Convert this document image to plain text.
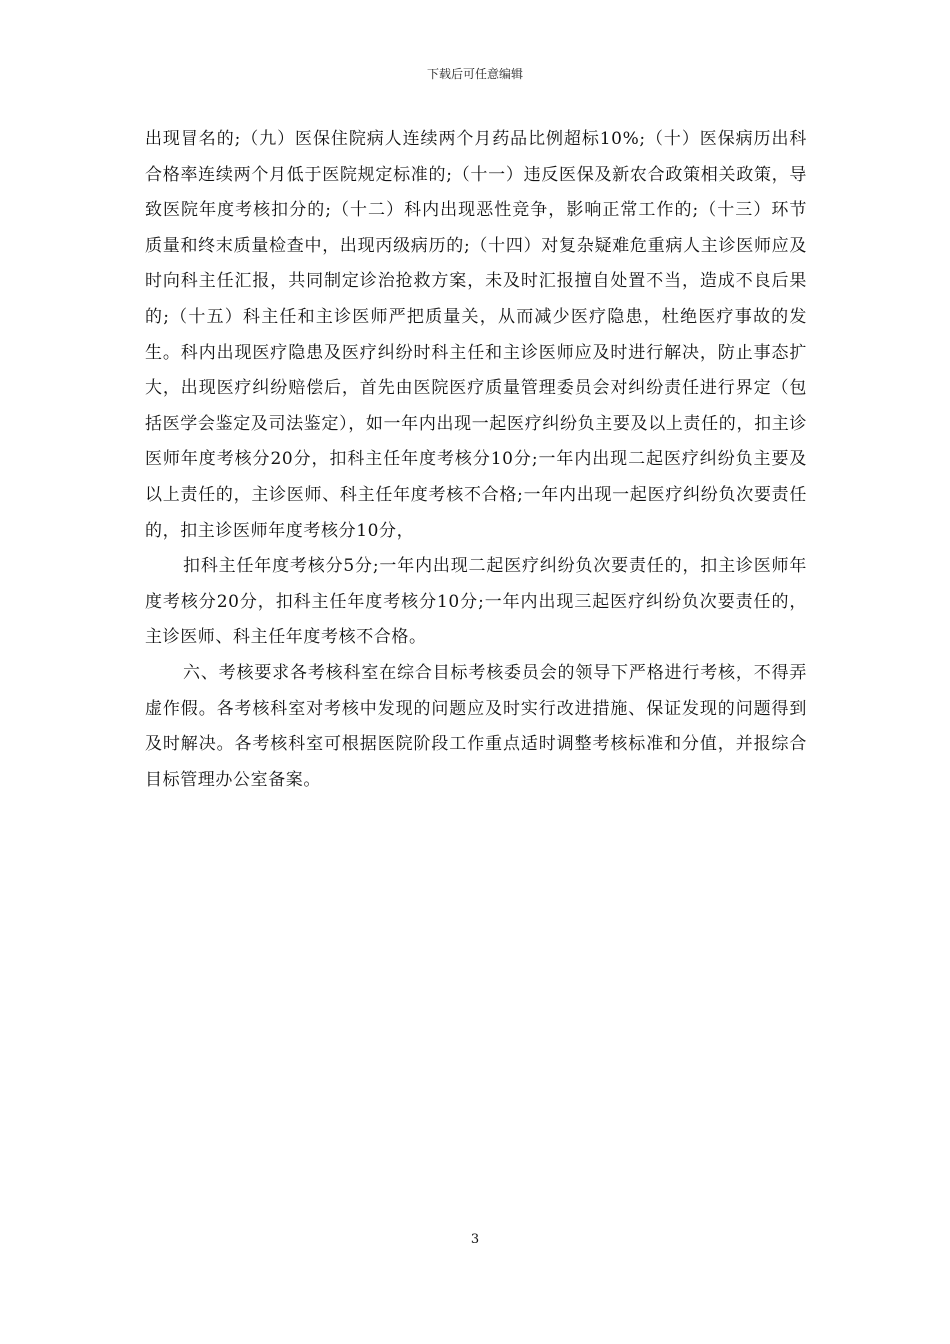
下载后可任意编辑

出现冒名的;（九）医保住院病人连续两个月药品比例超标10%;（十）医保病历出科合格率连续两个月低于医院规定标准的;（十一）违反医保及新农合政策相关政策，导致医院年度考核扣分的;（十二）科内出现恶性竞争，影响正常工作的;（十三）环节质量和终末质量检查中，出现丙级病历的;（十四）对复杂疑难危重病人主诊医师应及时向科主任汇报，共同制定诊治抢救方案，未及时汇报擅自处置不当，造成不良后果的;（十五）科主任和主诊医师严把质量关，从而减少医疗隐患，杜绝医疗事故的发生。科内出现医疗隐患及医疗纠纷时科主任和主诊医师应及时进行解决，防止事态扩大，出现医疗纠纷赔偿后，首先由医院医疗质量管理委员会对纠纷责任进行界定（包括医学会鉴定及司法鉴定），如一年内出现一起医疗纠纷负主要及以上责任的，扣主诊医师年度考核分20分，扣科主任年度考核分10分;一年内出现二起医疗纠纷负主要及以上责任的，主诊医师、科主任年度考核不合格;一年内出现一起医疗纠纷负次要责任的，扣主诊医师年度考核分10分，

扣科主任年度考核分5分;一年内出现二起医疗纠纷负次要责任的，扣主诊医师年度考核分20分，扣科主任年度考核分10分;一年内出现三起医疗纠纷负次要责任的，主诊医师、科主任年度考核不合格。

六、考核要求各考核科室在综合目标考核委员会的领导下严格进行考核，不得弄虚作假。各考核科室对考核中发现的问题应及时实行改进措施、保证发现的问题得到及时解决。各考核科室可根据医院阶段工作重点适时调整考核标准和分值，并报综合目标管理办公室备案。

3
